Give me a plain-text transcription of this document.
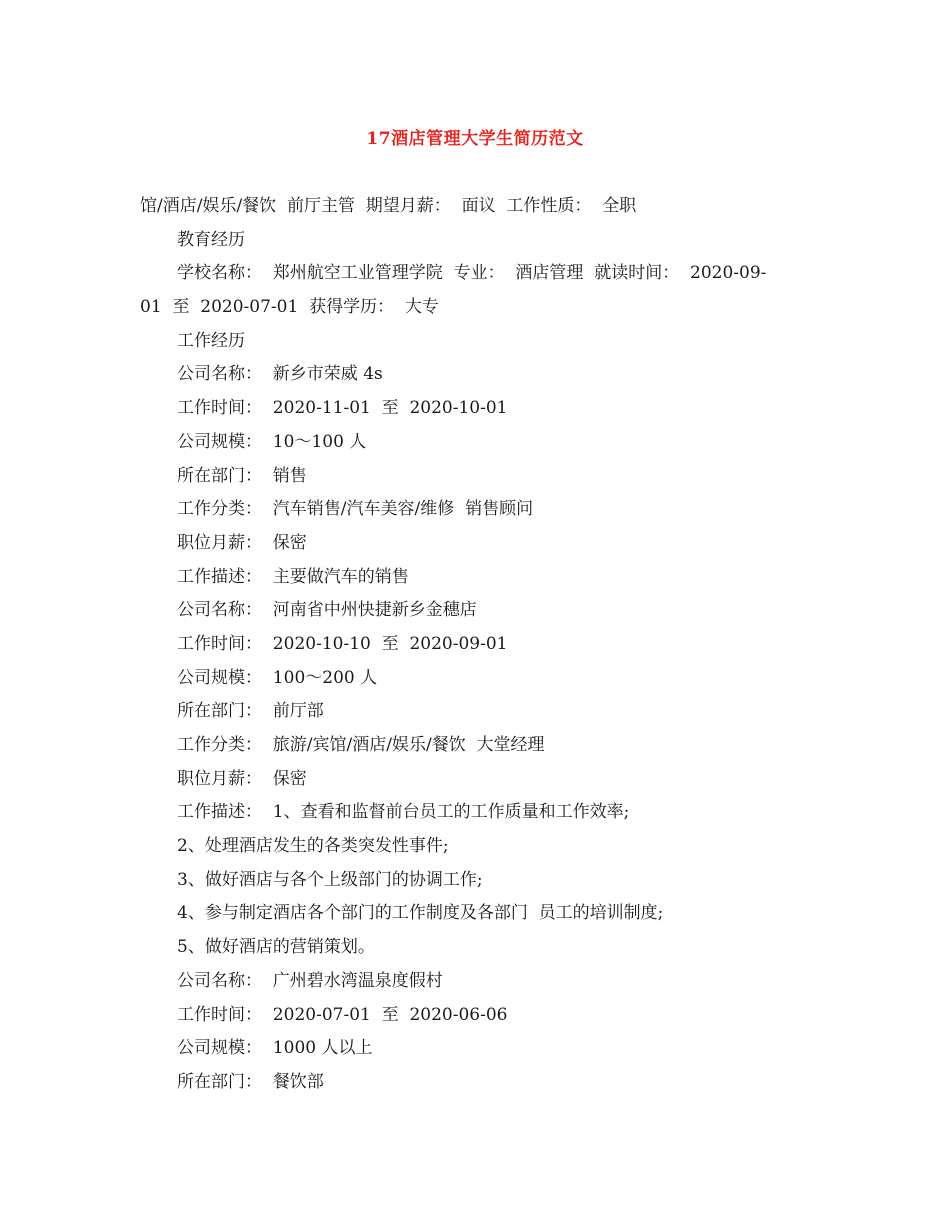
17酒店管理大学生简历范文
馆/酒店/娱乐/餐饮  前厅主管  期望月薪：  面议  工作性质：  全职
教育经历
学校名称：  郑州航空工业管理学院  专业：  酒店管理  就读时间：  2020-09-
01  至  2020-07-01  获得学历：  大专
工作经历
公司名称：  新乡市荣威 4s
工作时间：  2020-11-01  至  2020-10-01
公司规模：  10～100 人
所在部门：  销售
工作分类：  汽车销售/汽车美容/维修  销售顾问
职位月薪：  保密
工作描述：  主要做汽车的销售
公司名称：  河南省中州快捷新乡金穗店
工作时间：  2020-10-10  至  2020-09-01
公司规模：  100～200 人
所在部门：  前厅部
工作分类：  旅游/宾馆/酒店/娱乐/餐饮  大堂经理
职位月薪：  保密
工作描述：  1、查看和监督前台员工的工作质量和工作效率;
2、处理酒店发生的各类突发性事件;
3、做好酒店与各个上级部门的协调工作;
4、参与制定酒店各个部门的工作制度及各部门  员工的培训制度;
5、做好酒店的营销策划。
公司名称：  广州碧水湾温泉度假村
工作时间：  2020-07-01  至  2020-06-06
公司规模：  1000 人以上
所在部门：  餐饮部
